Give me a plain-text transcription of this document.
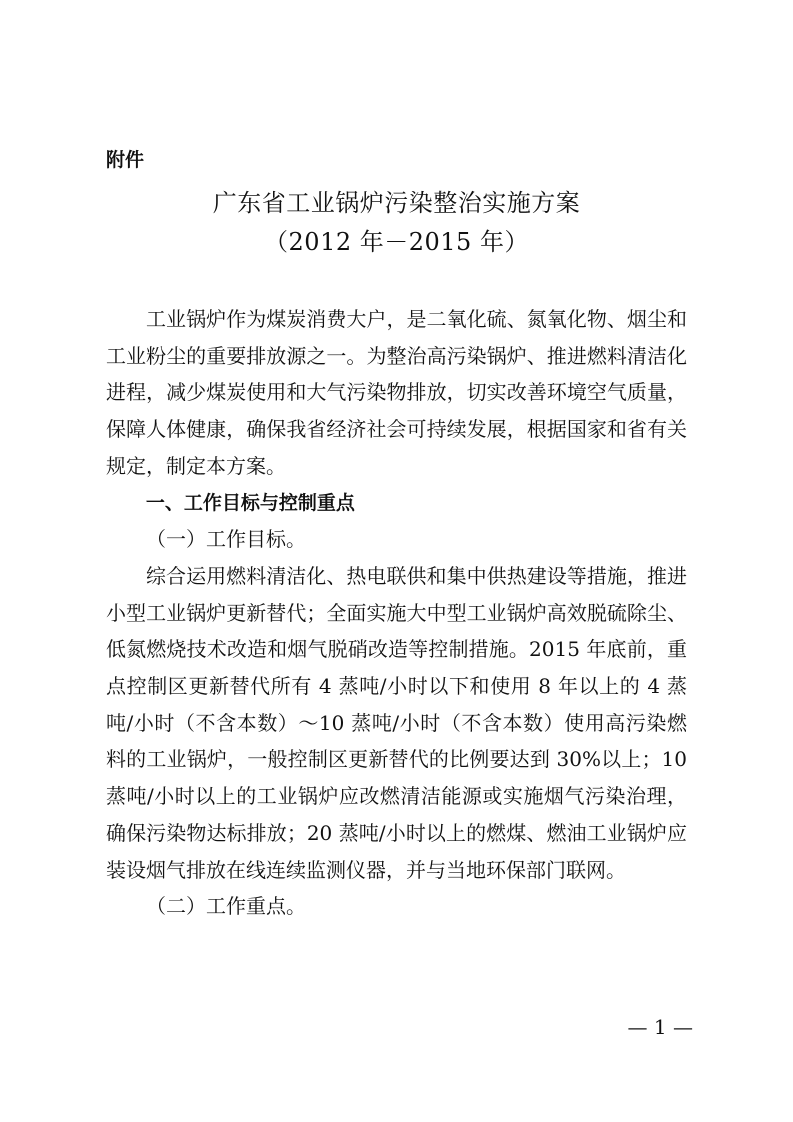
附件

广东省工业锅炉污染整治实施方案
（2012 年－2015 年）

工业锅炉作为煤炭消费大户，是二氧化硫、氮氧化物、烟尘和工业粉尘的重要排放源之一。为整治高污染锅炉、推进燃料清洁化进程，减少煤炭使用和大气污染物排放，切实改善环境空气质量，保障人体健康，确保我省经济社会可持续发展，根据国家和省有关规定，制定本方案。

一、工作目标与控制重点

（一）工作目标。

综合运用燃料清洁化、热电联供和集中供热建设等措施，推进小型工业锅炉更新替代；全面实施大中型工业锅炉高效脱硫除尘、低氮燃烧技术改造和烟气脱硝改造等控制措施。2015 年底前，重点控制区更新替代所有 4 蒸吨/小时以下和使用 8 年以上的 4 蒸吨/小时（不含本数）～10 蒸吨/小时（不含本数）使用高污染燃料的工业锅炉，一般控制区更新替代的比例要达到 30%以上；10 蒸吨/小时以上的工业锅炉应改燃清洁能源或实施烟气污染治理，确保污染物达标排放；20 蒸吨/小时以上的燃煤、燃油工业锅炉应装设烟气排放在线连续监测仪器，并与当地环保部门联网。

（二）工作重点。

— 1 —
